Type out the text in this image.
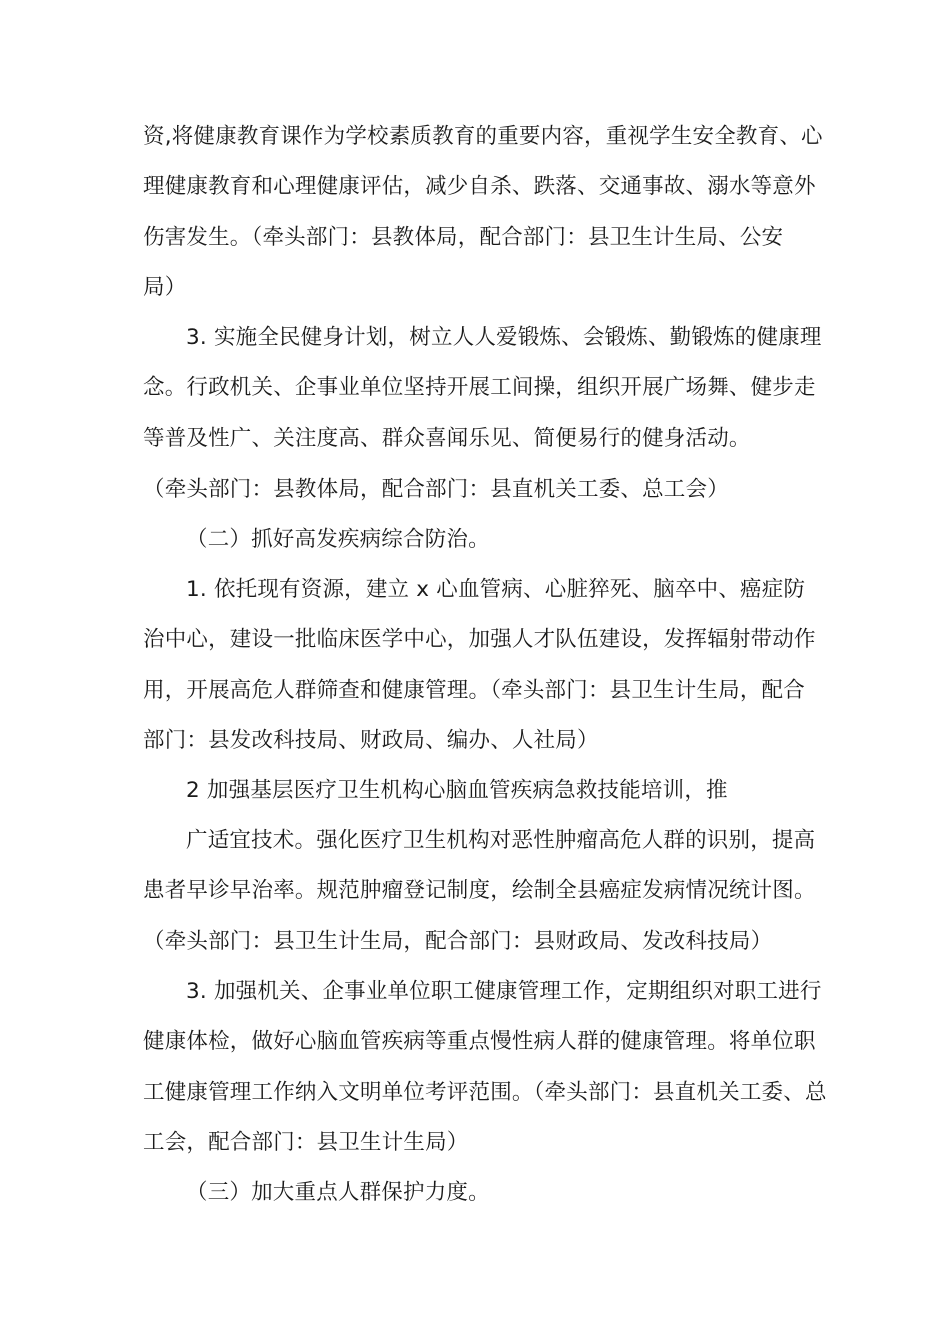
资,将健康教育课作为学校素质教育的重要内容，重视学生安全教育、心
理健康教育和心理健康评估，减少自杀、跌落、交通事故、溺水等意外
伤害发生。（牵头部门：县教体局，配合部门：县卫生计生局、公安
局）
3. 实施全民健身计划，树立人人爱锻炼、会锻炼、勤锻炼的健康理
念。行政机关、企事业单位坚持开展工间操，组织开展广场舞、健步走
等普及性广、关注度高、群众喜闻乐见、简便易行的健身活动。
（牵头部门：县教体局，配合部门：县直机关工委、总工会）
（二）抓好高发疾病综合防治。
1. 依托现有资源，建立 x 心血管病、心脏猝死、脑卒中、癌症防
治中心，建设一批临床医学中心，加强人才队伍建设，发挥辐射带动作
用，开展高危人群筛查和健康管理。（牵头部门：县卫生计生局，配合
部门：县发改科技局、财政局、编办、人社局）
2 加强基层医疗卫生机构心脑血管疾病急救技能培训，推
广适宜技术。强化医疗卫生机构对恶性肿瘤高危人群的识别，提高
患者早诊早治率。规范肿瘤登记制度，绘制全县癌症发病情况统计图。
（牵头部门：县卫生计生局，配合部门：县财政局、发改科技局）
3. 加强机关、企事业单位职工健康管理工作，定期组织对职工进行
健康体检，做好心脑血管疾病等重点慢性病人群的健康管理。将单位职
工健康管理工作纳入文明单位考评范围。（牵头部门：县直机关工委、总
工会，配合部门：县卫生计生局）
（三）加大重点人群保护力度。
